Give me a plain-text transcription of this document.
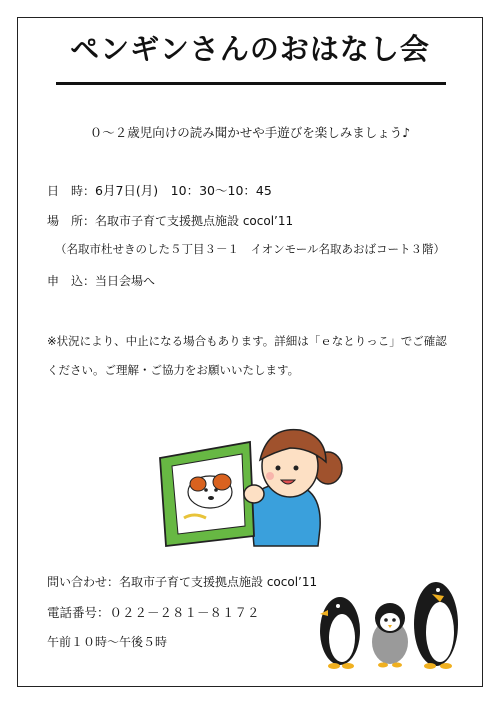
ペンギンさんのおはなし会
０～２歳児向けの読み聞かせや手遊びを楽しみましょう♪
日　時：6月7日(月)　10：30～10：45
場　所：名取市子育て支援拠点施設 cocol’11
（名取市杜せきのした５丁目３－１　イオンモール名取あおばコート３階）
申　込：当日会場へ
※状況により、中止になる場合もあります。詳細は「ｅなとりっこ」でご確認
ください。ご理解・ご協力をお願いいたします。
問い合わせ：名取市子育て支援拠点施設 cocol’11
電話番号：０２２－２８１－８１７２
午前１０時～午後５時
